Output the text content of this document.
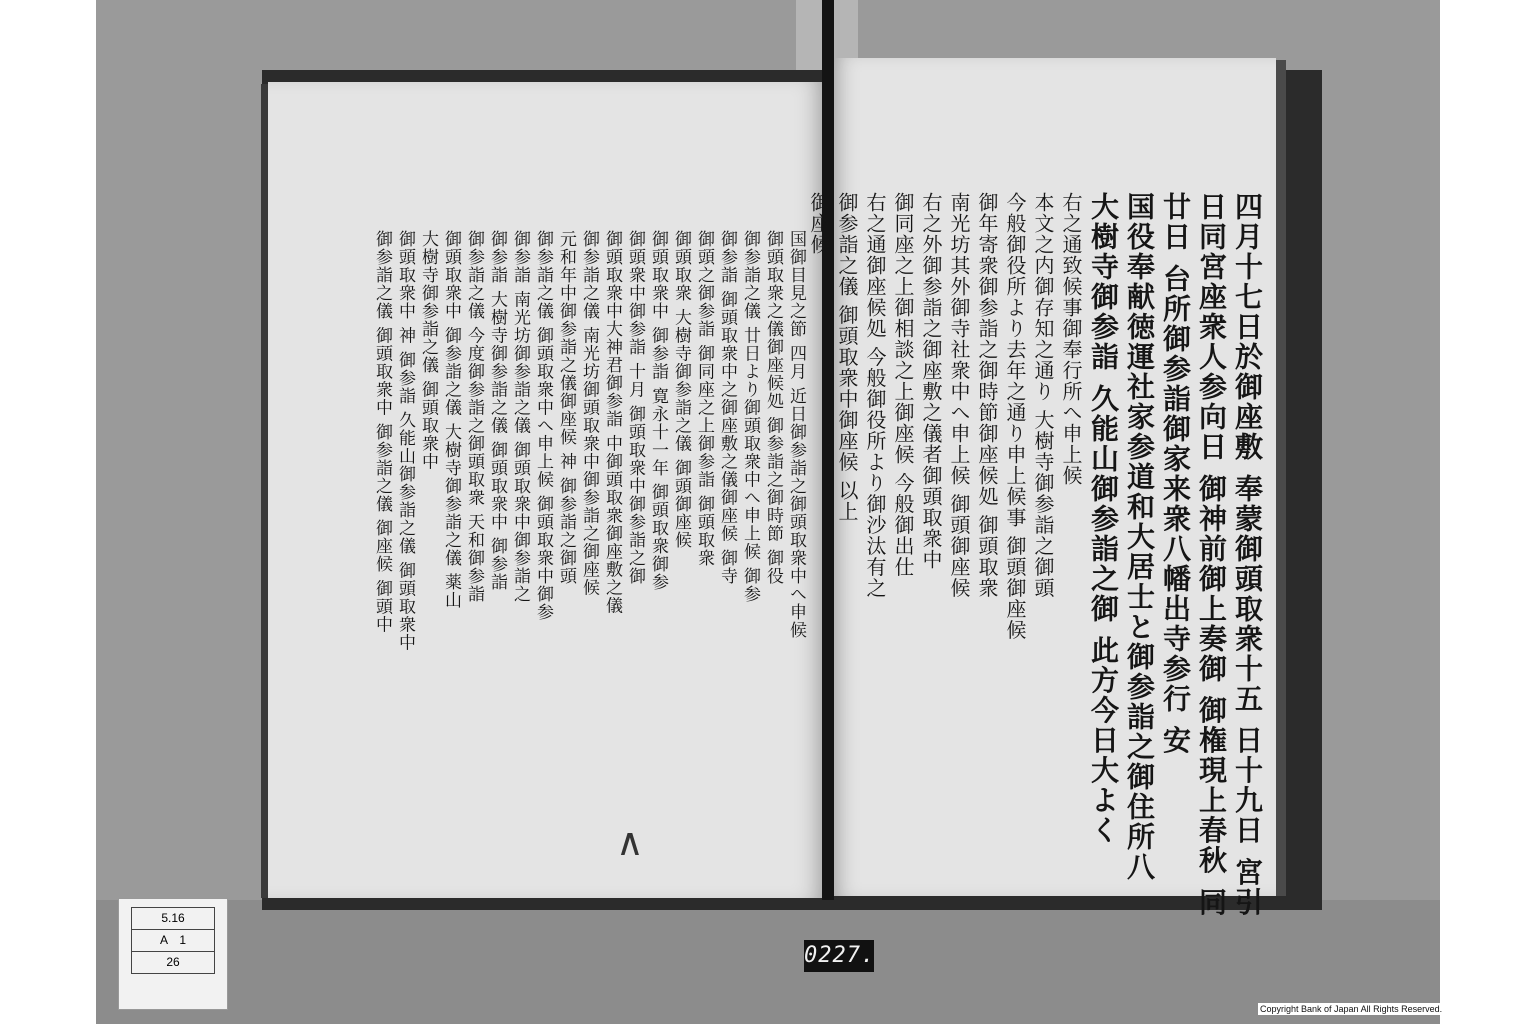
四月十七日於御座敷 奉蒙御頭取衆十五 日十九日 宮引
日同宮座衆人参向日 御神前御上奏御 御権現上春秋 同
廿日 台所御参詣御家来衆八幡出寺参行 安
国役奉献徳運社家参道和大居士と御参詣之御住所八
大樹寺御参詣 久能山御参詣之御 此方今日大よく
右之通致候事御奉行所へ申上候
本文之内御存知之通り 大樹寺御参詣之御頭
今般御役所より去年之通り申上候事 御頭御座候
御年寄衆御参詣之御時節御座候処 御頭取衆
南光坊其外御寺社衆中へ申上候 御頭御座候
右之外御参詣之御座敷之儀者御頭取衆中
御同座之上御相談之上御座候 今般御出仕
右之通御座候処 今般御役所より御沙汰有之
御参詣之儀 御頭取衆中御座候 以上
御座候
国御目見之節 四月 近日御参詣之御頭取衆中へ申候
御頭取衆之儀御座候処 御参詣之御時節 御役
御参詣之儀 廿日より御頭取衆中へ申上候 御参
御参詣 御頭取衆中之御座敷之儀御座候 御寺
御頭之御参詣 御同座之上御参詣 御頭取衆
御頭取衆 大樹寺御参詣之儀 御頭御座候
御頭取衆中 御参詣 寛永十一年 御頭取衆御参
御頭衆中御参詣 十月 御頭取衆中御参詣之御
御頭取衆中大神君御参詣 中御頭取衆御座敷之儀
御参詣之儀 南光坊御頭取衆中御参詣之御座候
元和年中御参詣之儀御座候 神 御参詣之御頭
御参詣之儀 御頭取衆中へ申上候 御頭取衆中御参
御参詣 南光坊御参詣之儀 御頭取衆中御参詣之
御参詣 大樹寺御参詣之儀 御頭取衆中 御参詣
御参詣之儀 今度御参詣之御頭取衆 天和御参詣
御頭取衆中 御参詣之儀 大樹寺御参詣之儀 薬山
大樹寺御参詣之儀 御頭取衆中
御頭取衆中 神 御参詣 久能山御参詣之儀 御頭取衆中
御参詣之儀 御頭取衆中 御参詣之儀 御座候 御頭中
∧
5.16
A　1
26	0227.
Copyright Bank of Japan All Rights Reserved.
